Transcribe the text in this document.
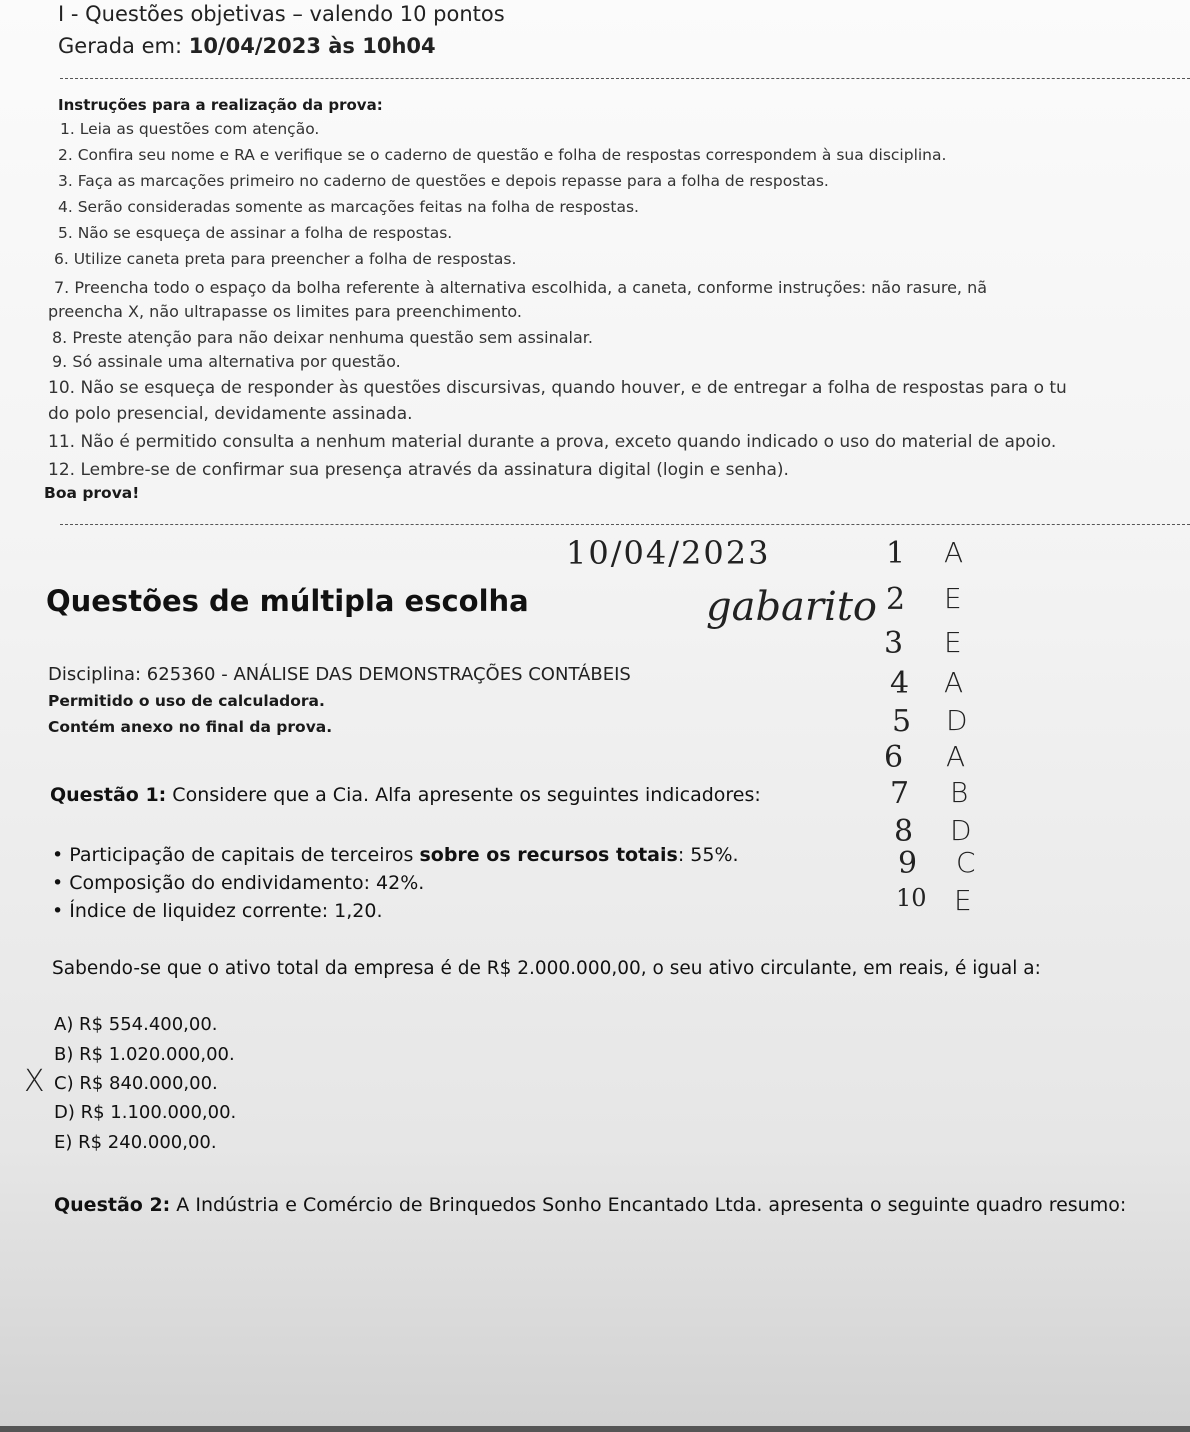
I - Questões objetivas – valendo 10 pontos
Gerada em: 10/04/2023 às 10h04
Instruções para a realização da prova:
1. Leia as questões com atenção.
2. Confira seu nome e RA e verifique se o caderno de questão e folha de respostas correspondem à sua disciplina.
3. Faça as marcações primeiro no caderno de questões e depois repasse para a folha de respostas.
4. Serão consideradas somente as marcações feitas na folha de respostas.
5. Não se esqueça de assinar a folha de respostas.
6. Utilize caneta preta para preencher a folha de respostas.
7. Preencha todo o espaço da bolha referente à alternativa escolhida, a caneta, conforme instruções: não rasure, nã
preencha X, não ultrapasse os limites para preenchimento.
8. Preste atenção para não deixar nenhuma questão sem assinalar.
9. Só assinale uma alternativa por questão.
10. Não se esqueça de responder às questões discursivas, quando houver, e de entregar a folha de respostas para o tu
do polo presencial, devidamente assinada.
11. Não é permitido consulta a nenhum material durante a prova, exceto quando indicado o uso do material de apoio.
12. Lembre-se de confirmar sua presença através da assinatura digital (login e senha).
Boa prova!
Questões de múltipla escolha
Disciplina: 625360 - ANÁLISE DAS DEMONSTRAÇÕES CONTÁBEIS
Permitido o uso de calculadora.
Contém anexo no final da prova.
Questão 1: Considere que a Cia. Alfa apresente os seguintes indicadores:
• Participação de capitais de terceiros sobre os recursos totais: 55%.
• Composição do endividamento: 42%.
• Índice de liquidez corrente: 1,20.
Sabendo-se que o ativo total da empresa é de R$ 2.000.000,00, o seu ativo circulante, em reais, é igual a:
A) R$ 554.400,00.
B) R$ 1.020.000,00.
C) R$ 840.000,00.
D) R$ 1.100.000,00.
E) R$ 240.000,00.
X
Questão 2: A Indústria e Comércio de Brinquedos Sonho Encantado Ltda. apresenta o seguinte quadro resumo:
10/04/2023
gabarito
1 A
2 E
3 E
4 A
5 D
6 A
7 B
8 D
9 C
10 E
